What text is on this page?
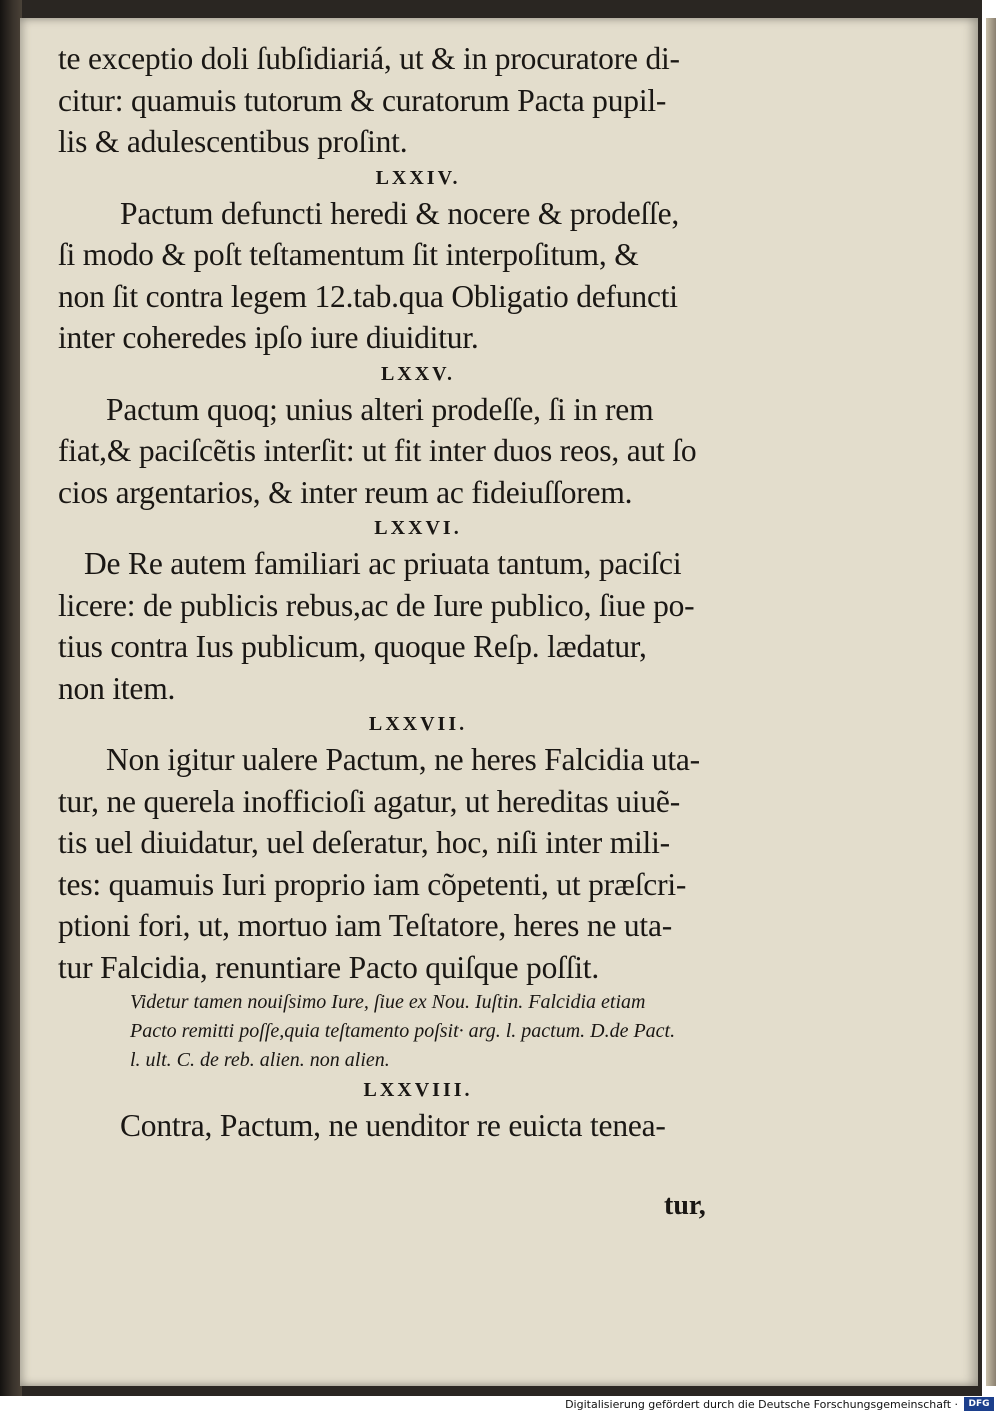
te exceptio doli ſubſidiariá, ut & in procuratore di-

citur: quamuis tutorum & curatorum Pacta pupil-

lis & adulescentibus proſint.

LXXIV.

Pactum defuncti heredi & nocere & prodeſſe,

ſi modo & poſt teſtamentum ſit interpoſitum, &

non ſit contra legem 12.tab.qua Obligatio defuncti

inter coheredes ipſo iure diuiditur.

LXXV.

Pactum quoq; unius alteri prodeſſe, ſi in rem

fiat,& paciſcẽtis interſit: ut fit inter duos reos, aut ſo

cios argentarios, & inter reum ac fideiuſſorem.

LXXVI.

De Re autem familiari ac priuata tantum, paciſci

licere: de publicis rebus,ac de Iure publico, ſiue po-

tius contra Ius publicum, quoque Reſp. lædatur,

non item.

LXXVII.

Non igitur ualere Pactum, ne heres Falcidia uta-

tur, ne querela inofficioſi agatur, ut hereditas uiuẽ-

tis uel diuidatur, uel deſeratur, hoc, niſi inter mili-

tes: quamuis Iuri proprio iam cõpetenti, ut præſcri-

ptioni fori, ut, mortuo iam Teſtatore, heres ne uta-

tur Falcidia, renuntiare Pacto quiſque poſſit.

Videtur tamen nouiſsimo Iure, ſiue ex Nou. Iuſtin. Falcidia etiam

Pacto remitti poſſe,quia teſtamento poſsit· arg. l. pactum. D.de Pact.

l. ult. C. de reb. alien. non alien.

LXXVIII.

Contra, Pactum, ne uenditor re euicta tenea-

tur,
Digitalisierung gefördert durch die Deutsche Forschungsgemeinschaft ·	DFG
